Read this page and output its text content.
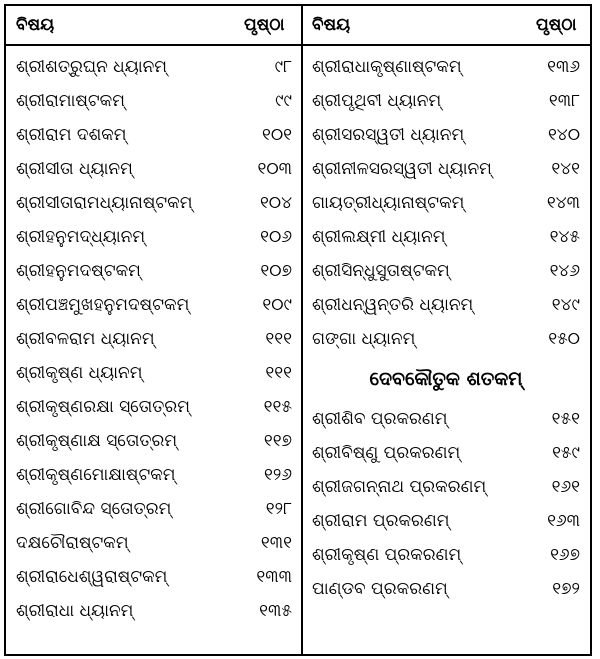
ବିଷୟ	ପୃଷ୍ଠା ବିଷୟ	ପୃଷ୍ଠା
ଶ୍ରୀଶତ୍ରୁଘ୍ନ ଧ୍ୟାନମ୍	୯୮
ଶ୍ରୀରାମାଷ୍ଟକମ୍	୯୯
ଶ୍ରୀରାମ ଦଶକମ୍	୧୦୧
ଶ୍ରୀସୀତା ଧ୍ୟାନମ୍	୧୦୩
ଶ୍ରୀସୀତାରାମଧ୍ୟାନାଷ୍ଟକମ୍	୧୦୪
ଶ୍ରୀହନୁମଦ୍ଧ୍ୟାନମ୍	୧୦୬
ଶ୍ରୀହନୁମଦଷ୍ଟକମ୍	୧୦୭
ଶ୍ରୀପଞ୍ଚମୁଖହନୁମଦଷ୍ଟକମ୍	୧୦୯
ଶ୍ରୀବଳରାମ ଧ୍ୟାନମ୍	୧୧୧
ଶ୍ରୀକୃଷ୍ଣ ଧ୍ୟାନମ୍	୧୧୧
ଶ୍ରୀକୃଷ୍ଣରକ୍ଷା ସ୍ତୋତ୍ରମ୍	୧୧୫
ଶ୍ରୀକୃଷ୍ଣାକ୍ଷ ସ୍ତୋତ୍ରମ୍	୧୧୭
ଶ୍ରୀକୃଷ୍ଣମୋକ୍ଷାଷ୍ଟକମ୍	୧୨୬
ଶ୍ରୀଗୋବିନ୍ଦ ସ୍ତୋତ୍ରମ୍	୧୨୮
ଦକ୍ଷଚୌରାଷ୍ଟକମ୍	୧୩୧
ଶ୍ରୀରାଧେଶ୍ୱରାଷ୍ଟକମ୍	୧୩୩
ଶ୍ରୀରାଧା ଧ୍ୟାନମ୍	୧୩୫
ଶ୍ରୀରାଧାକୃଷ୍ଣାଷ୍ଟକମ୍	୧୩୬
ଶ୍ରୀପୃଥିବୀ ଧ୍ୟାନମ୍	୧୩୮
ଶ୍ରୀସରସ୍ୱତୀ ଧ୍ୟାନମ୍	୧୪୦
ଶ୍ରୀନୀଳସରସ୍ୱତୀ ଧ୍ୟାନମ୍	୧୪୧
ଗାୟତ୍ରୀଧ୍ୟାନାଷ୍ଟକମ୍	୧୪୩
ଶ୍ରୀଲକ୍ଷ୍ମୀ ଧ୍ୟାନମ୍	୧୪୫
ଶ୍ରୀସିନ୍ଧୁସୁତାଷ୍ଟକମ୍	୧୪୬
ଶ୍ରୀଧନ୍ୱନ୍ତରି ଧ୍ୟାନମ୍	୧୪୯
ଗଙ୍ଗା ଧ୍ୟାନମ୍	୧୫୦
ଦେବକୌତୁକ ଶତକମ୍
ଶ୍ରୀଶିବ ପ୍ରକରଣମ୍	୧୫୧
ଶ୍ରୀବିଷ୍ଣୁ ପ୍ରକରଣମ୍	୧୫୯
ଶ୍ରୀଜଗନ୍ନାଥ ପ୍ରକରଣମ୍	୧୬୧
ଶ୍ରୀରାମ ପ୍ରକରଣମ୍	୧୬୩
ଶ୍ରୀକୃଷ୍ଣ ପ୍ରକରଣମ୍	୧୬୭
ପାଣ୍ଡବ ପ୍ରକରଣମ୍	୧୭୨
